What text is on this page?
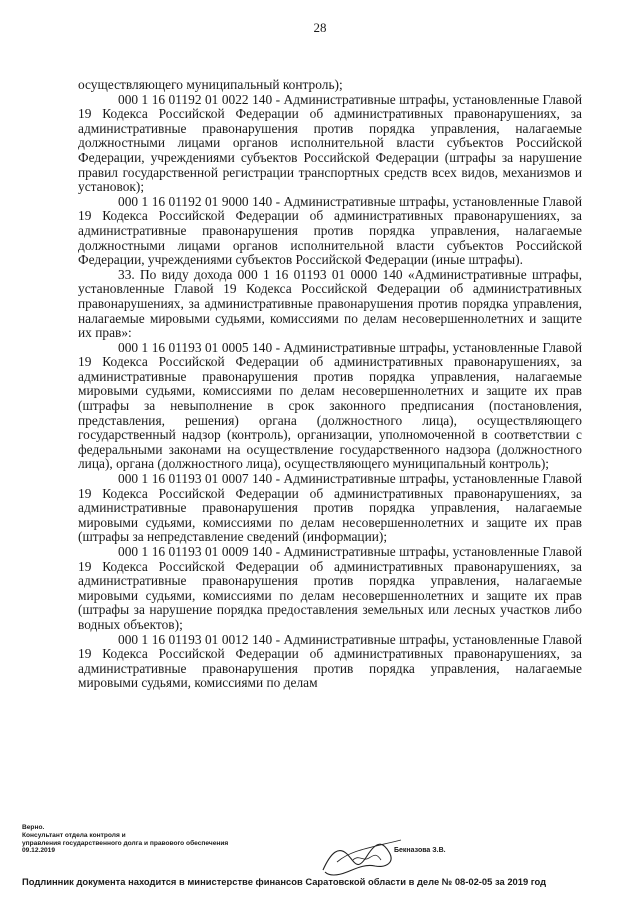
28

осуществляющего муниципальный контроль);

000 1 16 01192 01 0022 140 - Административные штрафы, установленные Главой 19 Кодекса Российской Федерации об административных правонарушениях, за административные правонарушения против порядка управления, налагаемые должностными лицами органов исполнительной власти субъектов Российской Федерации, учреждениями субъектов Российской Федерации (штрафы за нарушение правил государственной регистрации транспортных средств всех видов, механизмов и установок);

000 1 16 01192 01 9000 140 - Административные штрафы, установленные Главой 19 Кодекса Российской Федерации об административных правонарушениях, за административные правонарушения против порядка управления, налагаемые должностными лицами органов исполнительной власти субъектов Российской Федерации, учреждениями субъектов Российской Федерации (иные штрафы).

33. По виду дохода 000 1 16 01193 01 0000 140 «Административные штрафы, установленные Главой 19 Кодекса Российской Федерации об административных правонарушениях, за административные правонарушения против порядка управления, налагаемые мировыми судьями, комиссиями по делам несовершеннолетних и защите их прав»:

000 1 16 01193 01 0005 140 - Административные штрафы, установленные Главой 19 Кодекса Российской Федерации об административных правонарушениях, за административные правонарушения против порядка управления, налагаемые мировыми судьями, комиссиями по делам несовершеннолетних и защите их прав (штрафы за невыполнение в срок законного предписания (постановления, представления, решения) органа (должностного лица), осуществляющего государственный надзор (контроль), организации, уполномоченной в соответствии с федеральными законами на осуществление государственного надзора (должностного лица), органа (должностного лица), осуществляющего муниципальный контроль);

000 1 16 01193 01 0007 140 - Административные штрафы, установленные Главой 19 Кодекса Российской Федерации об административных правонарушениях, за административные правонарушения против порядка управления, налагаемые мировыми судьями, комиссиями по делам несовершеннолетних и защите их прав (штрафы за непредставление сведений (информации);

000 1 16 01193 01 0009 140 - Административные штрафы, установленные Главой 19 Кодекса Российской Федерации об административных правонарушениях, за административные правонарушения против порядка управления, налагаемые мировыми судьями, комиссиями по делам несовершеннолетних и защите их прав (штрафы за нарушение порядка предоставления земельных или лесных участков либо водных объектов);

000 1 16 01193 01 0012 140 - Административные штрафы, установленные Главой 19 Кодекса Российской Федерации об административных правонарушениях, за административные правонарушения против порядка управления, налагаемые мировыми судьями, комиссиями по делам

Верно.
Консультант отдела контроля и
управления государственного долга и правового обеспечения
09.12.2019	Бекназова З.В.
Подлинник документа находится в министерстве финансов Саратовской области в деле № 08-02-05 за 2019 год
